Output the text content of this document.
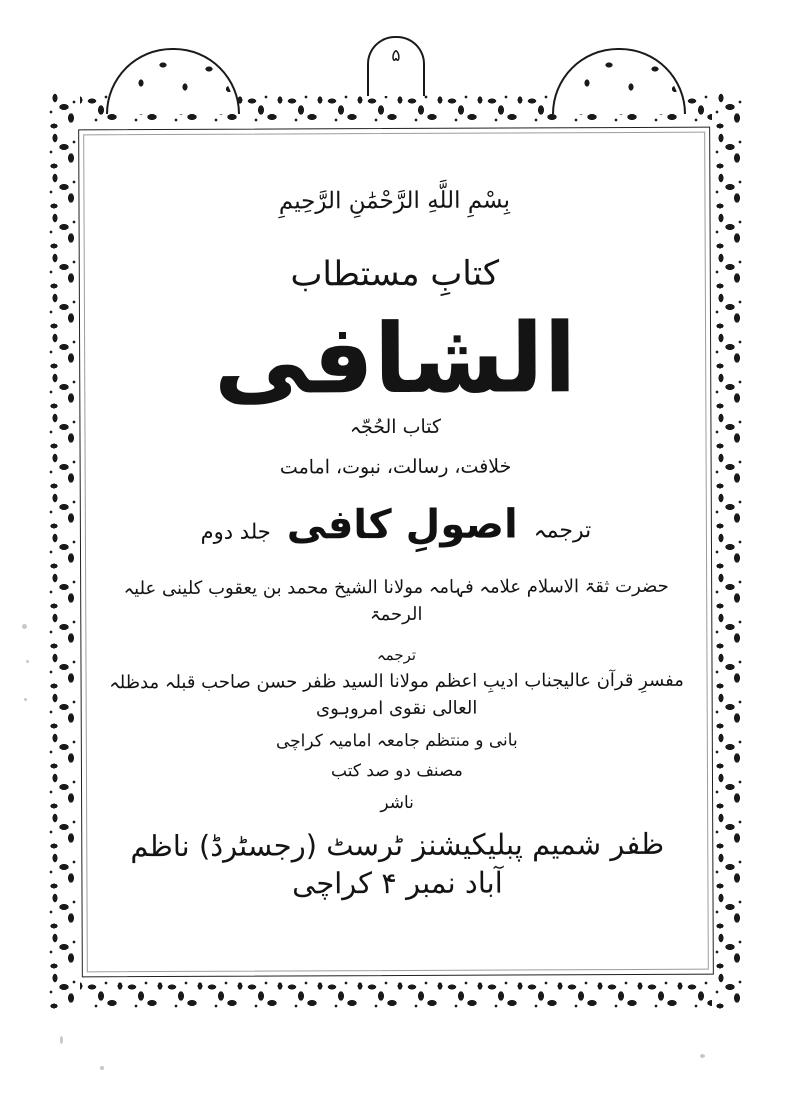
۵
بِسْمِ اللَّهِ الرَّحْمَٰنِ الرَّحِيمِ
کتابِ مستطاب
الشافی
کتاب الحُجّہ
خلافت، رسالت، نبوت، امامت
ترجمہ
اصولِ کافی
جلد دوم
حضرت ثقۃ الاسلام علامہ فہامہ مولانا الشیخ محمد بن یعقوب کلینی علیہ الرحمۃ
ترجمہ
مفسرِ قرآن عالیجناب ادیبِ اعظم مولانا السید ظفر حسن صاحب قبلہ مدظلہ العالی نقوی امروہوی
بانی و منتظم جامعہ امامیہ کراچی
مصنف دو صد کتب
ناشر
ظفر شمیم پبلیکیشنز ٹرسٹ (رجسٹرڈ) ناظم آباد نمبر ۴ کراچی
